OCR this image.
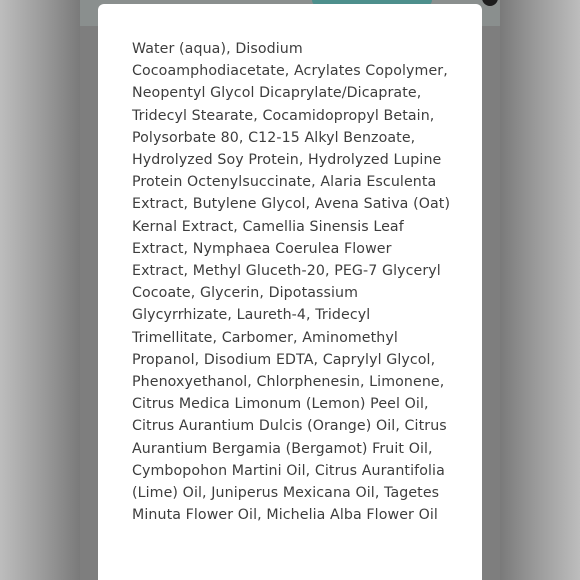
Water (aqua), Disodium Cocoamphodiacetate, Acrylates Copolymer, Neopentyl Glycol Dicaprylate/Dicaprate, Tridecyl Stearate, Cocamidopropyl Betain, Polysorbate 80, C12-15 Alkyl Benzoate, Hydrolyzed Soy Protein, Hydrolyzed Lupine Protein Octenylsuccinate, Alaria Esculenta Extract, Butylene Glycol, Avena Sativa (Oat) Kernal Extract, Camellia Sinensis Leaf Extract, Nymphaea Coerulea Flower Extract, Methyl Gluceth-20, PEG-7 Glyceryl Cocoate, Glycerin, Dipotassium Glycyrrhizate, Laureth-4, Tridecyl Trimellitate, Carbomer, Aminomethyl Propanol, Disodium EDTA, Caprylyl Glycol, Phenoxyethanol, Chlorphenesin, Limonene, Citrus Medica Limonum (Lemon) Peel Oil, Citrus Aurantium Dulcis (Orange) Oil, Citrus Aurantium Bergamia (Bergamot) Fruit Oil, Cymbopohon Martini Oil, Citrus Aurantifolia (Lime) Oil, Juniperus Mexicana Oil, Tagetes Minuta Flower Oil, Michelia Alba Flower Oil
